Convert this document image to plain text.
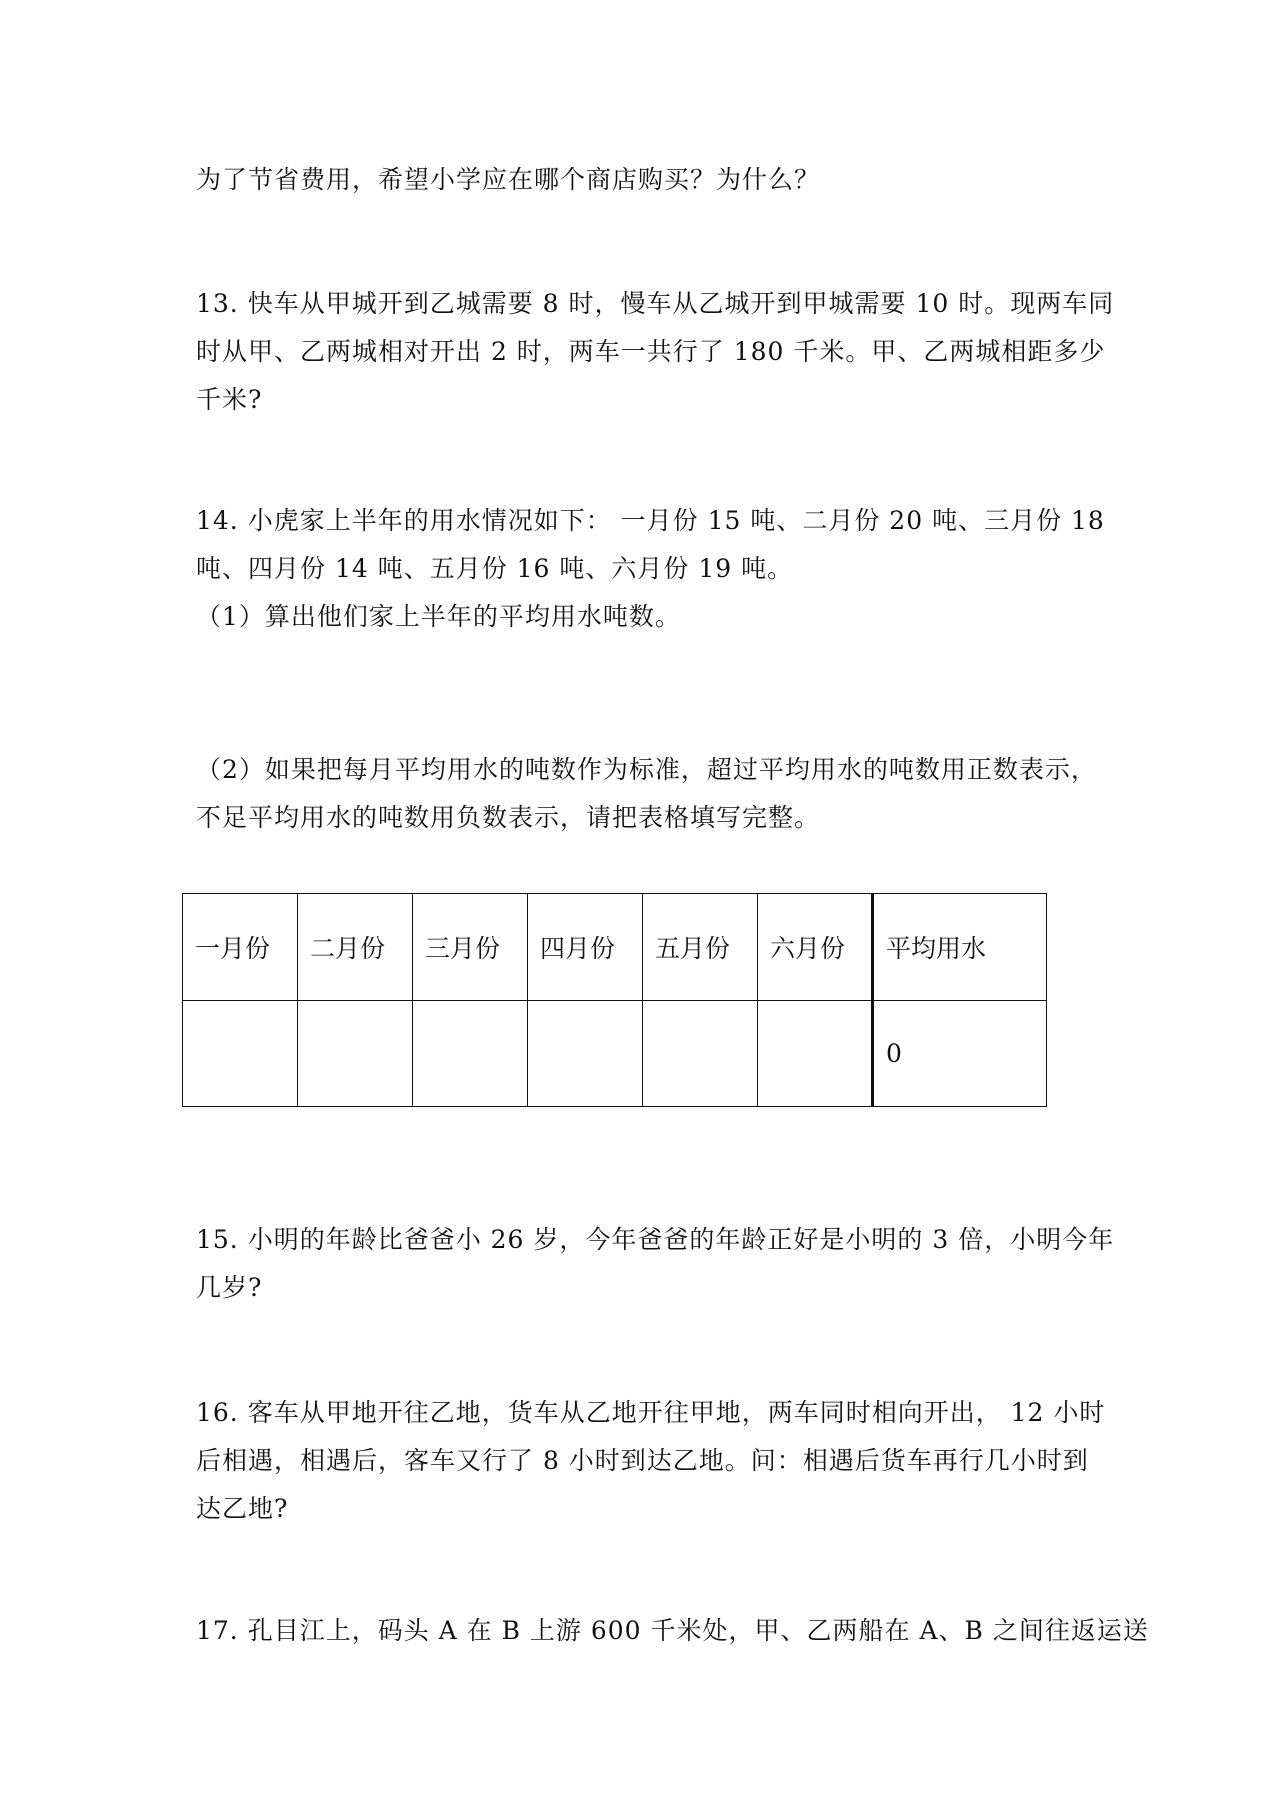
为了节省费用，希望小学应在哪个商店购买？为什么？
13. 快车从甲城开到乙城需要 8 时，慢车从乙城开到甲城需要 10 时。现两车同
时从甲、乙两城相对开出 2 时，两车一共行了 180 千米。甲、乙两城相距多少
千米?
14. 小虎家上半年的用水情况如下： 一月份 15 吨、二月份 20 吨、三月份 18
吨、四月份 14 吨、五月份 16 吨、六月份 19 吨。
（1）算出他们家上半年的平均用水吨数。
（2）如果把每月平均用水的吨数作为标准，超过平均用水的吨数用正数表示，
不足平均用水的吨数用负数表示，请把表格填写完整。
一月份	二月份	三月份	四月份	五月份	六月份	平均用水
						0
15. 小明的年龄比爸爸小 26 岁，今年爸爸的年龄正好是小明的 3 倍，小明今年
几岁?
16. 客车从甲地开往乙地，货车从乙地开往甲地，两车同时相向开出， 12 小时
后相遇，相遇后，客车又行了 8 小时到达乙地。问：相遇后货车再行几小时到
达乙地?
17. 孔目江上，码头 A 在 B 上游 600 千米处，甲、乙两船在 A、B 之间往返运送
